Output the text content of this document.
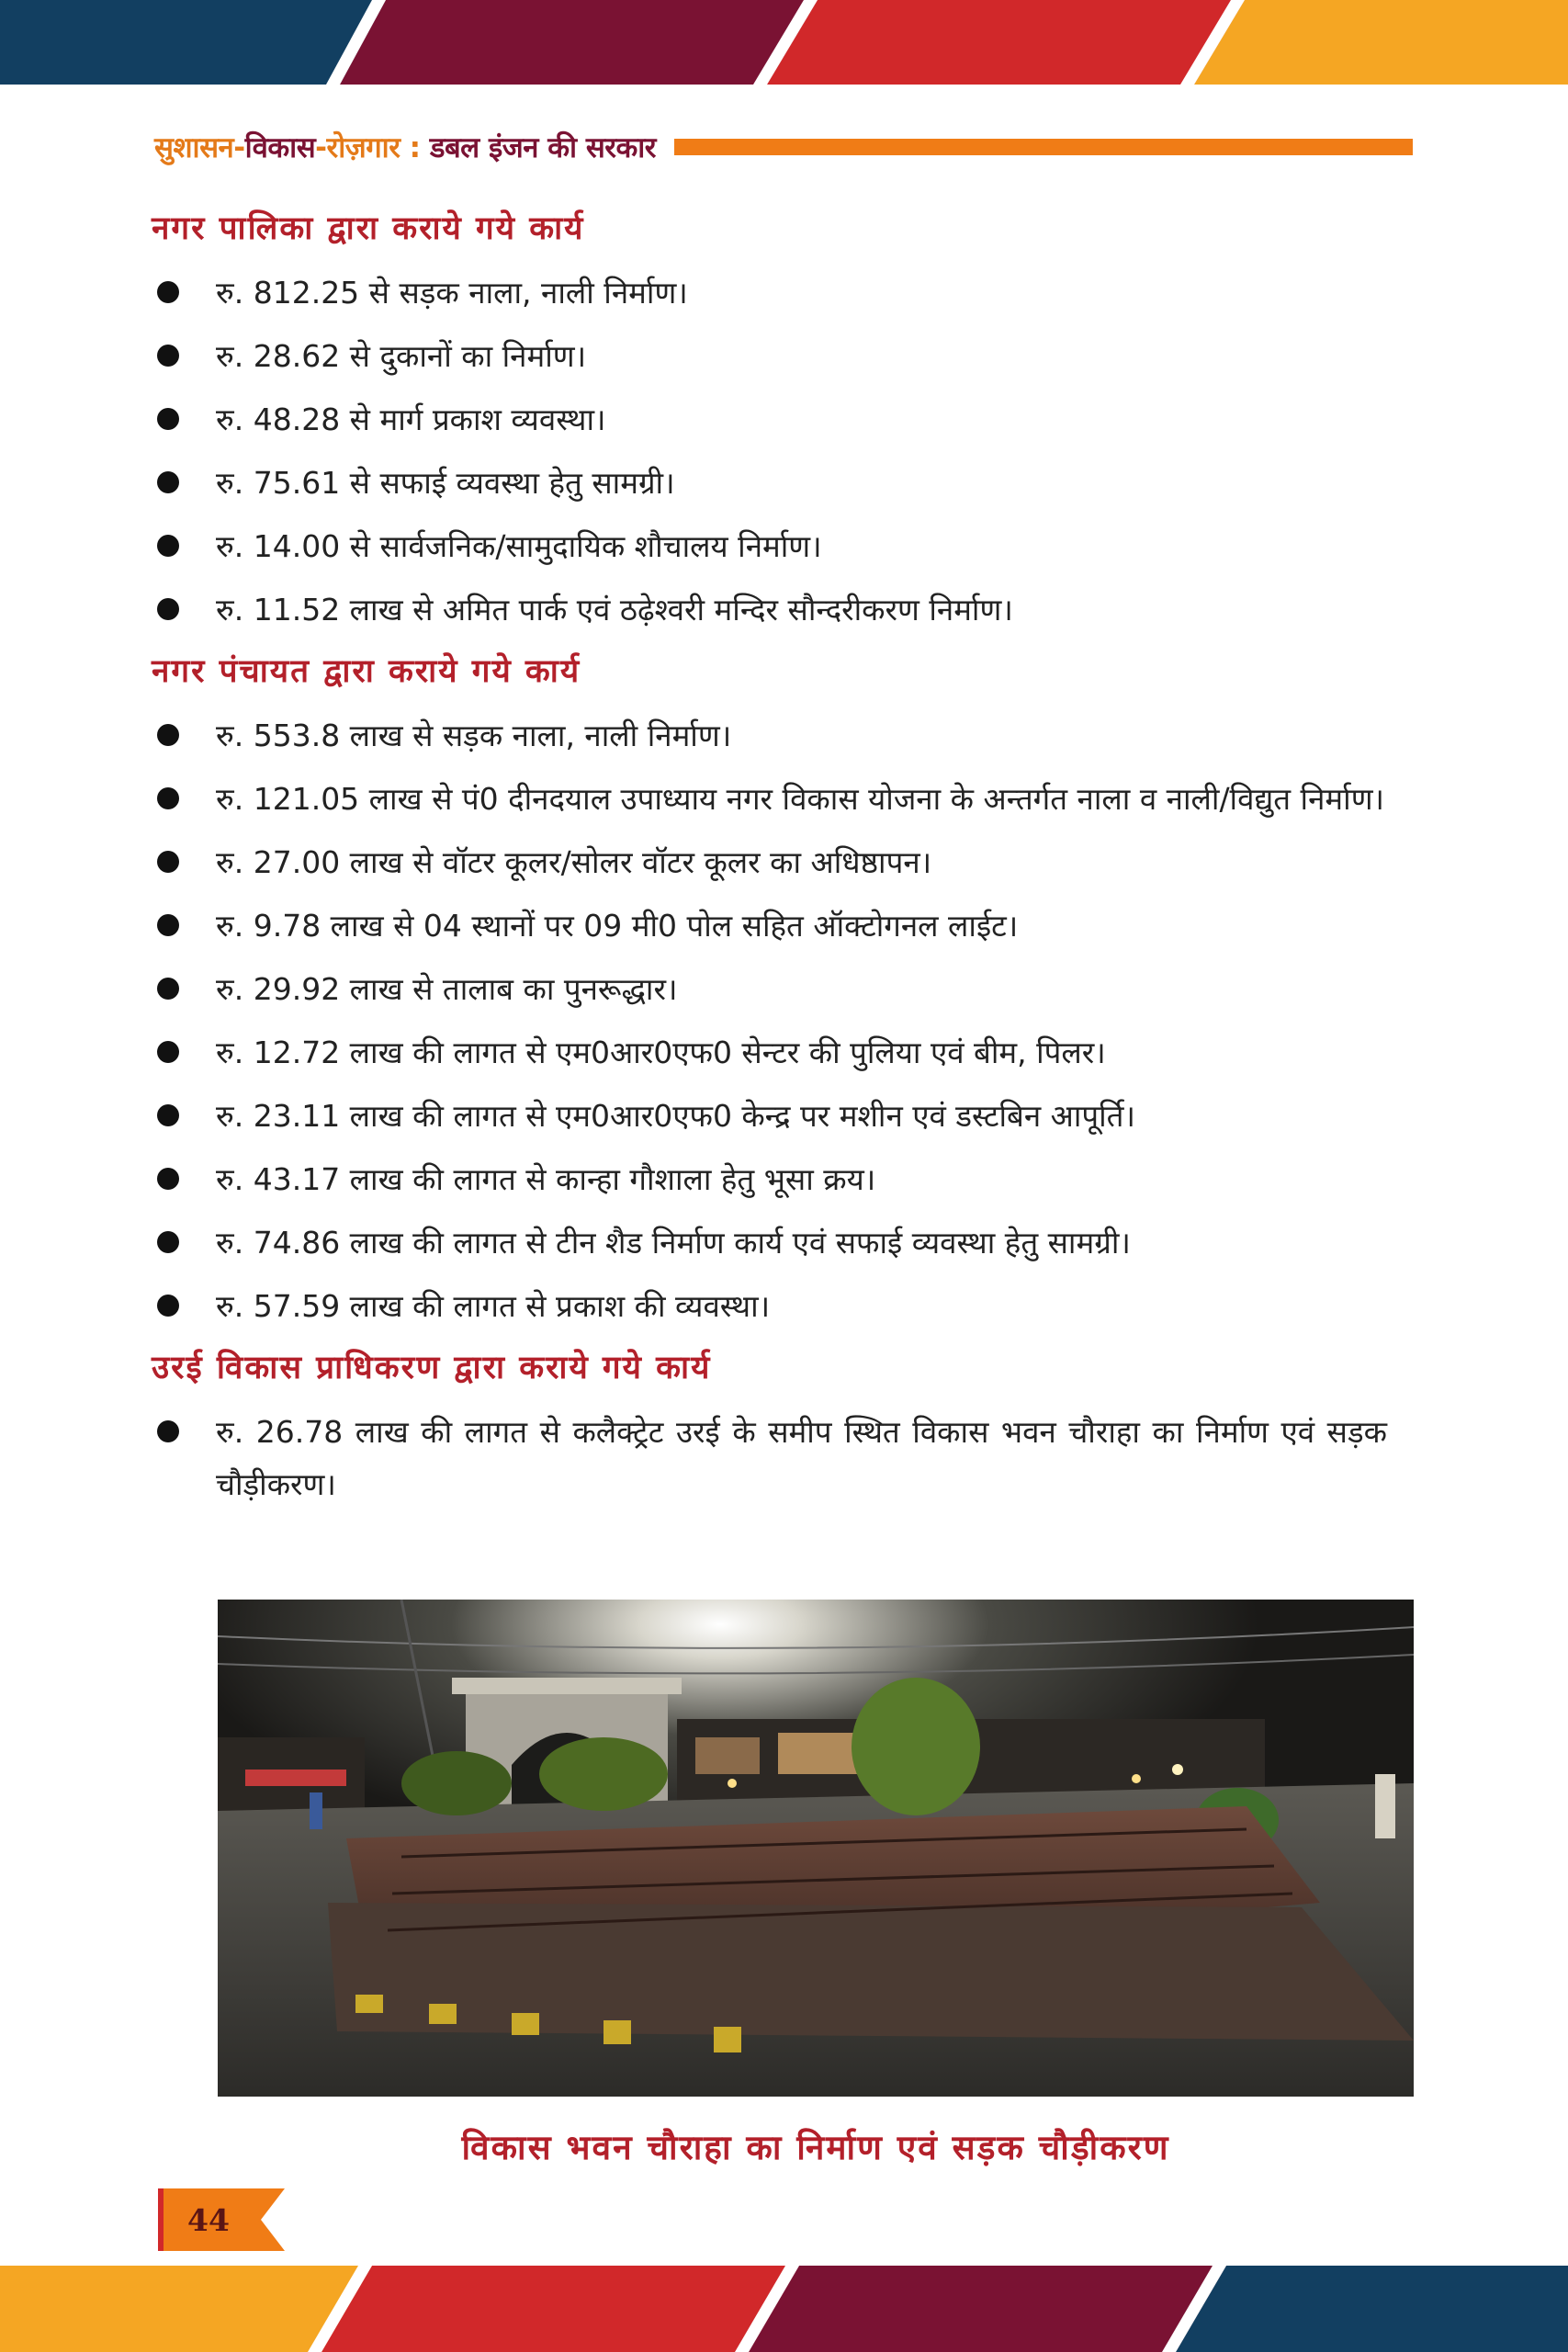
सुशासन-विकास-रोज़गार : डबल इंजन की सरकार
नगर पालिका द्वारा कराये गये कार्य
रु. 812.25 से सड़क नाला, नाली निर्माण।
रु. 28.62 से दुकानों का निर्माण।
रु. 48.28 से मार्ग प्रकाश व्यवस्था।
रु. 75.61 से सफाई व्यवस्था हेतु सामग्री।
रु. 14.00 से सार्वजनिक/सामुदायिक शौचालय निर्माण।
रु. 11.52 लाख से अमित पार्क एवं ठढ़ेश्वरी मन्दिर सौन्दरीकरण निर्माण।
नगर पंचायत द्वारा कराये गये कार्य
रु. 553.8 लाख से सड़क नाला, नाली निर्माण।
रु. 121.05 लाख से पं0 दीनदयाल उपाध्याय नगर विकास योजना के अन्तर्गत नाला व नाली/विद्युत निर्माण।
रु. 27.00 लाख से वॉटर कूलर/सोलर वॉटर कूलर का अधिष्ठापन।
रु. 9.78 लाख से 04 स्थानों पर 09 मी0 पोल सहित ऑक्टोगनल लाईट।
रु. 29.92 लाख से तालाब का पुनरूद्धार।
रु. 12.72 लाख की लागत से एम0आर0एफ0 सेन्टर की पुलिया एवं बीम, पिलर।
रु. 23.11 लाख की लागत से एम0आर0एफ0 केन्द्र पर मशीन एवं डस्टबिन आपूर्ति।
रु. 43.17 लाख की लागत से कान्हा गौशाला हेतु भूसा क्रय।
रु. 74.86 लाख की लागत से टीन शैड निर्माण कार्य एवं सफाई व्यवस्था हेतु सामग्री।
रु. 57.59 लाख की लागत से प्रकाश की व्यवस्था।
उरई विकास प्राधिकरण द्वारा कराये गये कार्य
रु. 26.78 लाख की लागत से कलैक्ट्रेट उरई के समीप स्थित विकास भवन चौराहा का निर्माण एवं सड़क चौड़ीकरण।
विकास भवन चौराहा का निर्माण एवं सड़क चौड़ीकरण
44
